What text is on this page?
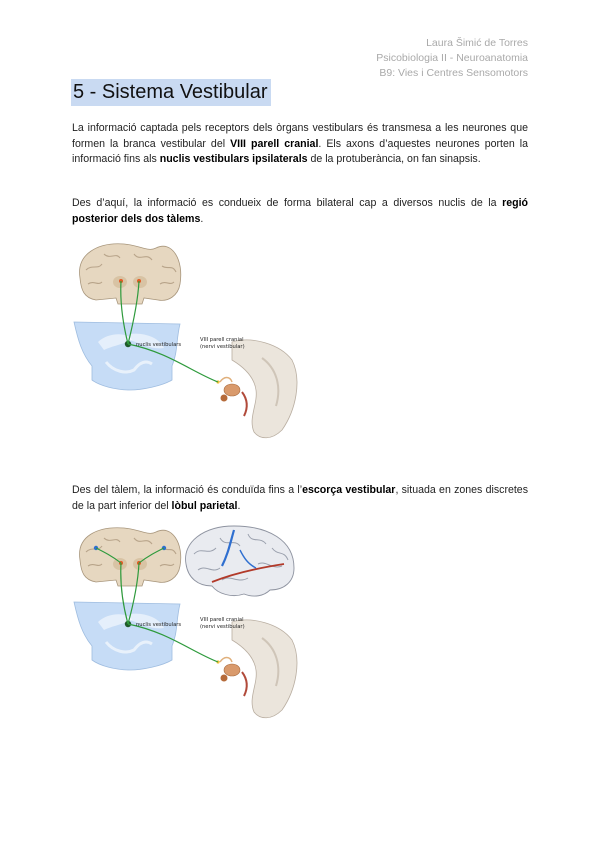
Laura Šimić de Torres
Psicobiologia II - Neuroanatomia
B9: Vies i Centres Sensomotors
5 - Sistema Vestibular

La informació captada pels receptors dels òrgans vestibulars és transmesa a les neurones que formen la branca vestibular del VIII parell cranial. Els axons d’aquestes neurones porten la informació fins als nuclis vestibulars ipsilaterals de la protuberància, on fan sinapsis.

Des d’aquí, la informació es condueix de forma bilateral cap a diversos nuclis de la regió posterior dels dos tàlems.

nuclis vestibulars
VIII parell cranial
(nervi vestibular)

Des del tàlem, la informació és conduïda fins a l’escorça vestibular, situada en zones discretes de la part inferior del lòbul parietal.

nuclis vestibulars
VIII parell cranial
(nervi vestibular)
